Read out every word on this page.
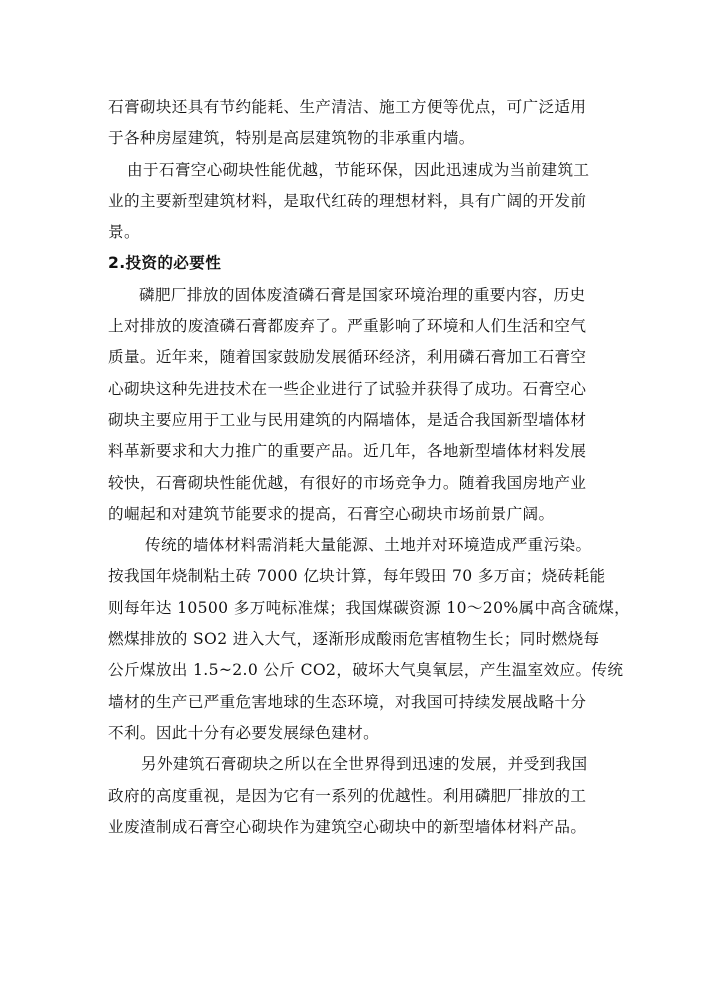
石膏砌块还具有节约能耗、生产清洁、施工方便等优点，可广泛适用
于各种房屋建筑，特别是高层建筑物的非承重内墙。
由于石膏空心砌块性能优越，节能环保，因此迅速成为当前建筑工
业的主要新型建筑材料，是取代红砖的理想材料，具有广阔的开发前
景。
2.投资的必要性
磷肥厂排放的固体废渣磷石膏是国家环境治理的重要内容，历史
上对排放的废渣磷石膏都废弃了。严重影响了环境和人们生活和空气
质量。近年来，随着国家鼓励发展循环经济，利用磷石膏加工石膏空
心砌块这种先进技术在一些企业进行了试验并获得了成功。石膏空心
砌块主要应用于工业与民用建筑的内隔墙体，是适合我国新型墙体材
料革新要求和大力推广的重要产品。近几年，各地新型墙体材料发展
较快，石膏砌块性能优越，有很好的市场竞争力。随着我国房地产业
的崛起和对建筑节能要求的提高，石膏空心砌块市场前景广阔。
传统的墙体材料需消耗大量能源、土地并对环境造成严重污染。
按我国年烧制粘土砖 7000 亿块计算，每年毁田 70 多万亩；烧砖耗能
则每年达 10500 多万吨标准煤；我国煤碳资源 10～20%属中高含硫煤，
燃煤排放的 SO2 进入大气，逐渐形成酸雨危害植物生长；同时燃烧每
公斤煤放出 1.5~2.0 公斤 CO2，破坏大气臭氧层，产生温室效应。传统
墙材的生产已严重危害地球的生态环境，对我国可持续发展战略十分
不利。因此十分有必要发展绿色建材。
另外建筑石膏砌块之所以在全世界得到迅速的发展，并受到我国
政府的高度重视，是因为它有一系列的优越性。利用磷肥厂排放的工
业废渣制成石膏空心砌块作为建筑空心砌块中的新型墙体材料产品。
